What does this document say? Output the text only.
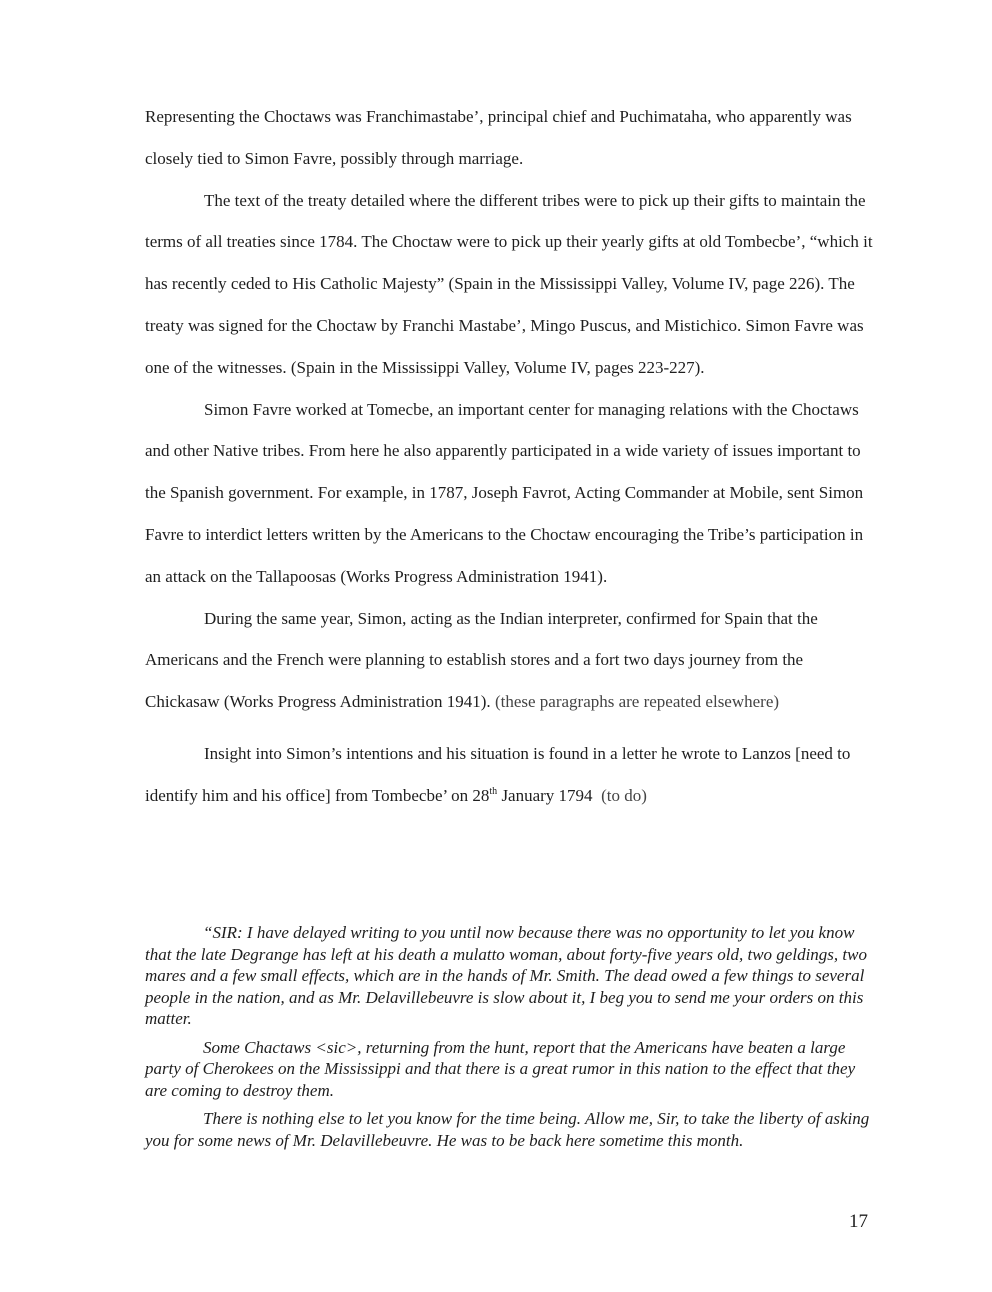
Representing the Choctaws was Franchimastabe’, principal chief and Puchimataha, who apparently was closely tied to Simon Favre, possibly through marriage.

The text of the treaty detailed where the different tribes were to pick up their gifts to maintain the terms of all treaties since 1784. The Choctaw were to pick up their yearly gifts at old Tombecbe’, “which it has recently ceded to His Catholic Majesty” (Spain in the Mississippi Valley, Volume IV, page 226). The treaty was signed for the Choctaw by Franchi Mastabe’, Mingo Puscus, and Mistichico. Simon Favre was one of the witnesses. (Spain in the Mississippi Valley, Volume IV, pages 223-227).

Simon Favre worked at Tomecbe, an important center for managing relations with the Choctaws and other Native tribes. From here he also apparently participated in a wide variety of issues important to the Spanish government. For example, in 1787, Joseph Favrot, Acting Commander at Mobile, sent Simon Favre to interdict letters written by the Americans to the Choctaw encouraging the Tribe’s participation in an attack on the Tallapoosas (Works Progress Administration 1941).

During the same year, Simon, acting as the Indian interpreter, confirmed for Spain that the Americans and the French were planning to establish stores and a fort two days journey from the Chickasaw (Works Progress Administration 1941). (these paragraphs are repeated elsewhere)

Insight into Simon’s intentions and his situation is found in a letter he wrote to Lanzos [need to identify him and his office] from Tombecbe’ on 28th January 1794 (to do)

“SIR: I have delayed writing to you until now because there was no opportunity to let you know that the late Degrange has left at his death a mulatto woman, about forty-five years old, two geldings, two mares and a few small effects, which are in the hands of Mr. Smith. The dead owed a few things to several people in the nation, and as Mr. Delavillebeuvre is slow about it, I beg you to send me your orders on this matter.

Some Chactaws <sic>, returning from the hunt, report that the Americans have beaten a large party of Cherokees on the Mississippi and that there is a great rumor in this nation to the effect that they are coming to destroy them.

There is nothing else to let you know for the time being. Allow me, Sir, to take the liberty of asking you for some news of Mr. Delavillebeuvre. He was to be back here sometime this month.

17
